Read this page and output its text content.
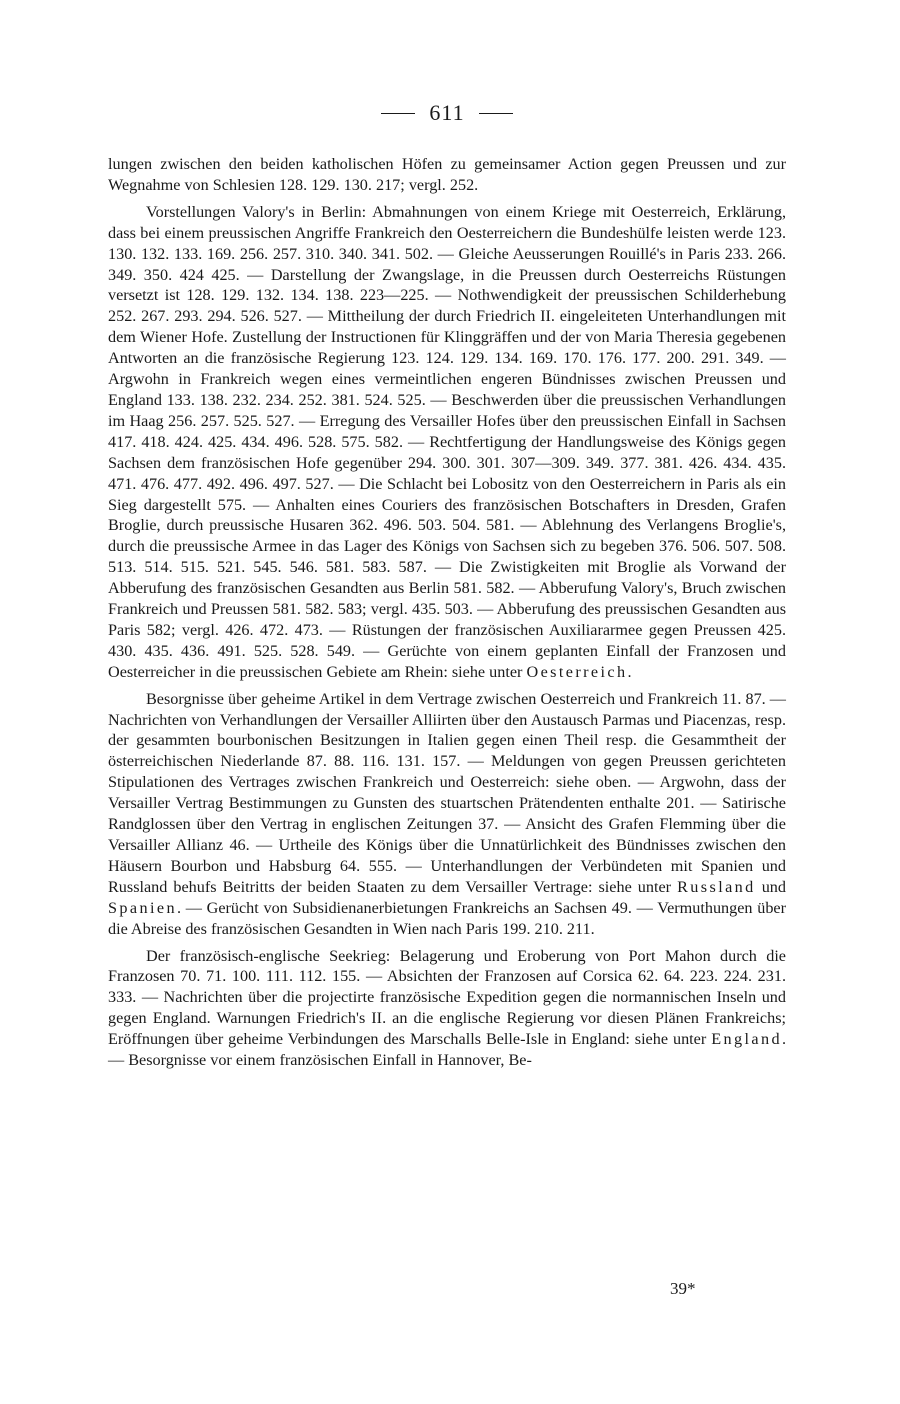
611

lungen zwischen den beiden katholischen Höfen zu gemeinsamer Action gegen Preussen und zur Wegnahme von Schlesien 128. 129. 130. 217; vergl. 252.

Vorstellungen Valory's in Berlin: Abmahnungen von einem Kriege mit Oesterreich, Erklärung, dass bei einem preussischen Angriffe Frankreich den Oesterreichern die Bundeshülfe leisten werde 123. 130. 132. 133. 169. 256. 257. 310. 340. 341. 502. — Gleiche Aeusserungen Rouillé's in Paris 233. 266. 349. 350. 424 425. — Darstellung der Zwangslage, in die Preussen durch Oesterreichs Rüstungen versetzt ist 128. 129. 132. 134. 138. 223—225. — Nothwendigkeit der preussischen Schilderhebung 252. 267. 293. 294. 526. 527. — Mittheilung der durch Friedrich II. eingeleiteten Unterhandlungen mit dem Wiener Hofe. Zustellung der Instructionen für Klinggräffen und der von Maria Theresia gegebenen Antworten an die französische Regierung 123. 124. 129. 134. 169. 170. 176. 177. 200. 291. 349. — Argwohn in Frankreich wegen eines vermeintlichen engeren Bündnisses zwischen Preussen und England 133. 138. 232. 234. 252. 381. 524. 525. — Beschwerden über die preussischen Verhandlungen im Haag 256. 257. 525. 527. — Erregung des Versailler Hofes über den preussischen Einfall in Sachsen 417. 418. 424. 425. 434. 496. 528. 575. 582. — Rechtfertigung der Handlungsweise des Königs gegen Sachsen dem französischen Hofe gegenüber 294. 300. 301. 307—309. 349. 377. 381. 426. 434. 435. 471. 476. 477. 492. 496. 497. 527. — Die Schlacht bei Lobositz von den Oesterreichern in Paris als ein Sieg dargestellt 575. — Anhalten eines Couriers des französischen Botschafters in Dresden, Grafen Broglie, durch preussische Husaren 362. 496. 503. 504. 581. — Ablehnung des Verlangens Broglie's, durch die preussische Armee in das Lager des Königs von Sachsen sich zu begeben 376. 506. 507. 508. 513. 514. 515. 521. 545. 546. 581. 583. 587. — Die Zwistigkeiten mit Broglie als Vorwand der Abberufung des französischen Gesandten aus Berlin 581. 582. — Abberufung Valory's, Bruch zwischen Frankreich und Preussen 581. 582. 583; vergl. 435. 503. — Abberufung des preussischen Gesandten aus Paris 582; vergl. 426. 472. 473. — Rüstungen der französischen Auxiliararmee gegen Preussen 425. 430. 435. 436. 491. 525. 528. 549. — Gerüchte von einem geplanten Einfall der Franzosen und Oesterreicher in die preussischen Gebiete am Rhein: siehe unter Oesterreich.

Besorgnisse über geheime Artikel in dem Vertrage zwischen Oesterreich und Frankreich 11. 87. — Nachrichten von Verhandlungen der Versailler Alliirten über den Austausch Parmas und Piacenzas, resp. der gesammten bourbonischen Besitzungen in Italien gegen einen Theil resp. die Gesammtheit der österreichischen Niederlande 87. 88. 116. 131. 157. — Meldungen von gegen Preussen gerichteten Stipulationen des Vertrages zwischen Frankreich und Oesterreich: siehe oben. — Argwohn, dass der Versailler Vertrag Bestimmungen zu Gunsten des stuartschen Prätendenten enthalte 201. — Satirische Randglossen über den Vertrag in englischen Zeitungen 37. — Ansicht des Grafen Flemming über die Versailler Allianz 46. — Urtheile des Königs über die Unnatürlichkeit des Bündnisses zwischen den Häusern Bourbon und Habsburg 64. 555. — Unterhandlungen der Verbündeten mit Spanien und Russland behufs Beitritts der beiden Staaten zu dem Versailler Vertrage: siehe unter Russland und Spanien. — Gerücht von Subsidienanerbietungen Frankreichs an Sachsen 49. — Vermuthungen über die Abreise des französischen Gesandten in Wien nach Paris 199. 210. 211.

Der französisch-englische Seekrieg: Belagerung und Eroberung von Port Mahon durch die Franzosen 70. 71. 100. 111. 112. 155. — Absichten der Franzosen auf Corsica 62. 64. 223. 224. 231. 333. — Nachrichten über die projectirte französische Expedition gegen die normannischen Inseln und gegen England. Warnungen Friedrich's II. an die englische Regierung vor diesen Plänen Frankreichs; Eröffnungen über geheime Verbindungen des Marschalls Belle-Isle in England: siehe unter England. — Besorgnisse vor einem französischen Einfall in Hannover, Be-

39*
